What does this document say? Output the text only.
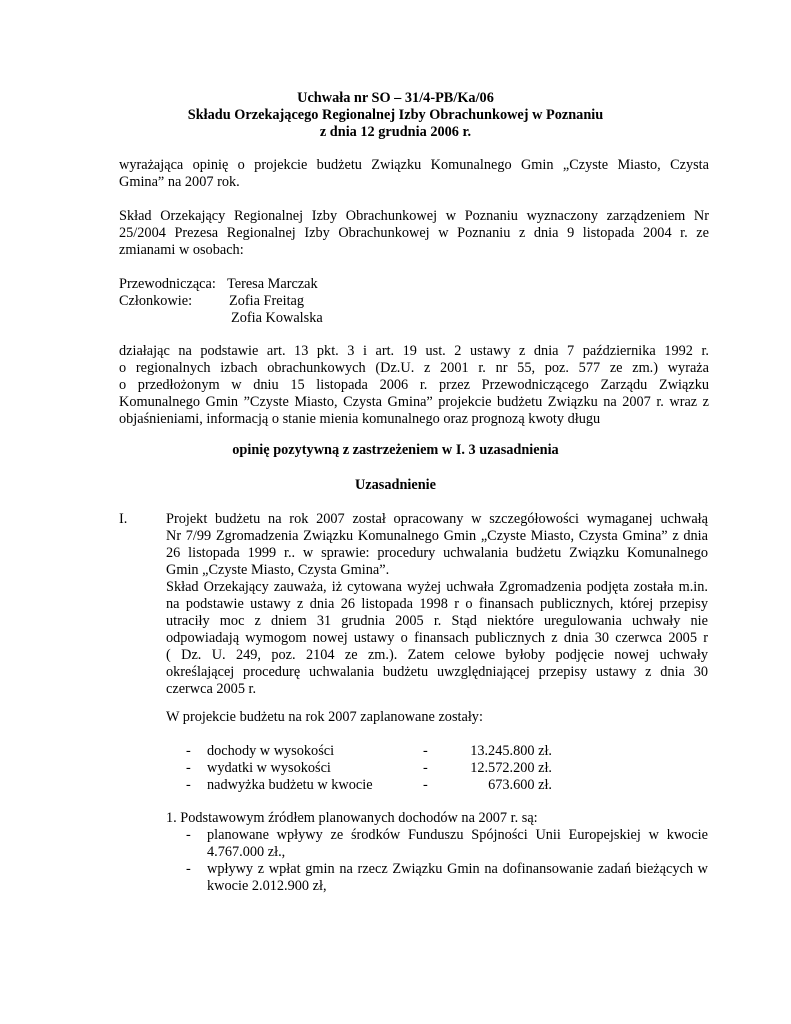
Uchwała nr SO – 31/4-PB/Ka/06
Składu Orzekającego Regionalnej Izby Obrachunkowej w Poznaniu
z dnia 12 grudnia 2006 r.
wyrażająca opinię o projekcie budżetu Związku Komunalnego Gmin „Czyste Miasto, Czysta
Gmina” na 2007 rok.
Skład Orzekający Regionalnej Izby Obrachunkowej w Poznaniu wyznaczony zarządzeniem Nr
25/2004 Prezesa Regionalnej Izby Obrachunkowej w Poznaniu z dnia 9 listopada 2004 r. ze
zmianami w osobach:
Przewodnicząca: Teresa Marczak
Członkowie:	Zofia Freitag
Zofia Kowalska
działając na podstawie art. 13 pkt. 3 i art. 19 ust. 2 ustawy z dnia 7 października 1992 r.
o regionalnych izbach obrachunkowych (Dz.U. z 2001 r. nr 55, poz. 577 ze zm.) wyraża
o przedłożonym w dniu 15 listopada 2006 r. przez Przewodniczącego Zarządu Związku
Komunalnego Gmin ”Czyste Miasto, Czysta Gmina” projekcie budżetu Związku na 2007 r. wraz z
objaśnieniami, informacją o stanie mienia komunalnego oraz prognozą kwoty długu
opinię pozytywną z zastrzeżeniem w I. 3 uzasadnienia
Uzasadnienie
I.	Projekt budżetu na rok 2007 został opracowany w szczegółowości wymaganej uchwałą
Nr 7/99 Zgromadzenia Związku Komunalnego Gmin „Czyste Miasto, Czysta Gmina” z dnia
26 listopada 1999 r.. w sprawie: procedury uchwalania budżetu Związku Komunalnego
Gmin „Czyste Miasto, Czysta Gmina”.
Skład Orzekający zauważa, iż cytowana wyżej uchwała Zgromadzenia podjęta została m.in.
na podstawie ustawy z dnia 26 listopada 1998 r o finansach publicznych, której przepisy
utraciły moc z dniem 31 grudnia 2005 r. Stąd niektóre uregulowania uchwały nie
odpowiadają wymogom nowej ustawy o finansach publicznych z dnia 30 czerwca 2005 r
( Dz. U. 249, poz. 2104 ze zm.). Zatem celowe byłoby podjęcie nowej uchwały
określającej procedurę uchwalania budżetu uwzględniającej przepisy ustawy z dnia 30
czerwca 2005 r.
W projekcie budżetu na rok 2007 zaplanowane zostały:
- dochody w wysokości	-	13.245.800 zł.
- wydatki w wysokości	-	12.572.200 zł.
- nadwyżka budżetu w kwocie	-	673.600 zł.
1. Podstawowym źródłem planowanych dochodów na 2007 r. są:
- planowane wpływy ze środków Funduszu Spójności Unii Europejskiej w kwocie
4.767.000 zł.,
- wpływy z wpłat gmin na rzecz Związku Gmin na dofinansowanie zadań bieżących w
kwocie 2.012.900 zł,
